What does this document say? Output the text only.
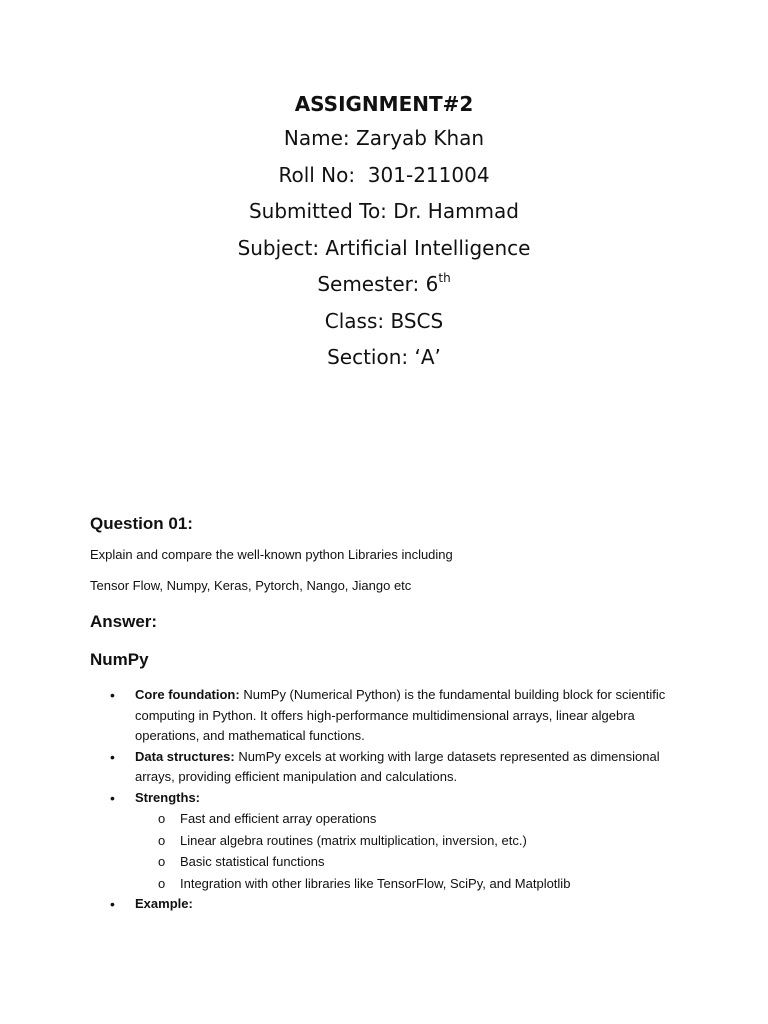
ASSIGNMENT#2

Name: Zaryab Khan

Roll No:  301-211004

Submitted To: Dr. Hammad

Subject: Artificial Intelligence

Semester: 6th

Class: BSCS

Section: ‘A’

Question 01:

Explain and compare the well-known python Libraries including

Tensor Flow, Numpy, Keras, Pytorch, Nango, Jiango etc

Answer:

NumPy

• Core foundation: NumPy (Numerical Python) is the fundamental building block for scientific computing in Python. It offers high-performance multidimensional arrays, linear algebra operations, and mathematical functions.
• Data structures: NumPy excels at working with large datasets represented as dimensional arrays, providing efficient manipulation and calculations.
• Strengths:
o Fast and efficient array operations
o Linear algebra routines (matrix multiplication, inversion, etc.)
o Basic statistical functions
o Integration with other libraries like TensorFlow, SciPy, and Matplotlib
• Example:
